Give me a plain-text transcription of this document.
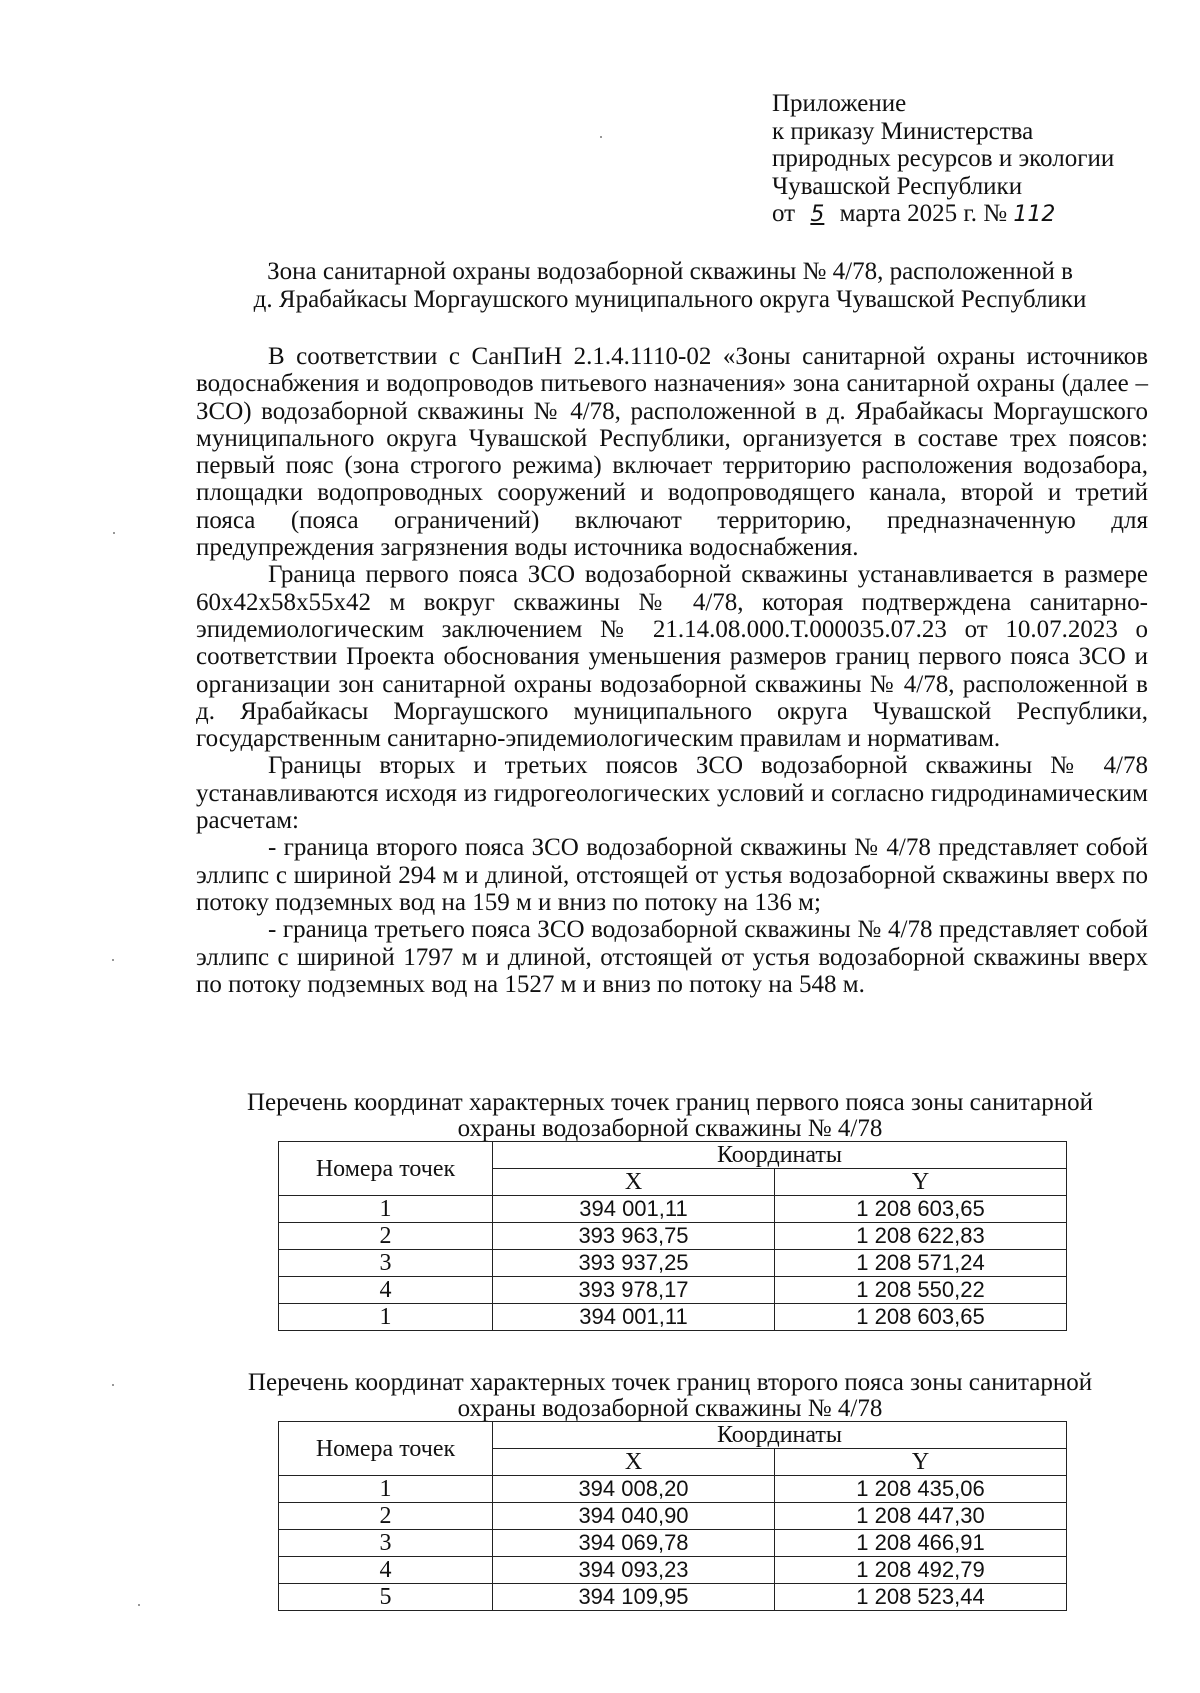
Приложение
к приказу Министерства
природных ресурсов и экологии
Чувашской Республики
от 5 марта 2025 г. № 112
Зона санитарной охраны водозаборной скважины № 4/78, расположенной в
д. Ярабайкасы Моргаушского муниципального округа Чувашской Республики

В соответствии с СанПиН 2.1.4.1110-02 «Зоны санитарной охраны источников водоснабжения и водопроводов питьевого назначения» зона санитарной охраны (далее – ЗСО) водозаборной скважины № 4/78, расположенной в д. Ярабайкасы Моргаушского муниципального округа Чувашской Республики, организуется в составе трех поясов: первый пояс (зона строгого режима) включает территорию расположения водозабора, площадки водопроводных сооружений и водопроводящего канала, второй и третий пояса (пояса ограничений) включают территорию, предназначенную для предупреждения загрязнения воды источника водоснабжения.

Граница первого пояса ЗСО водозаборной скважины устанавливается в размере 60х42х58х55х42 м вокруг скважины № 4/78, которая подтверждена санитарно-эпидемиологическим заключением № 21.14.08.000.Т.000035.07.23 от 10.07.2023 о соответствии Проекта обоснования уменьшения размеров границ первого пояса ЗСО и организации зон санитарной охраны водозаборной скважины № 4/78, расположенной в д. Ярабайкасы Моргаушского муниципального округа Чувашской Республики, государственным санитарно-эпидемиологическим правилам и нормативам.

Границы вторых и третьих поясов ЗСО водозаборной скважины № 4/78 устанавливаются исходя из гидрогеологических условий и согласно гидродинамическим расчетам:

- граница второго пояса ЗСО водозаборной скважины № 4/78 представляет собой эллипс с шириной 294 м и длиной, отстоящей от устья водозаборной скважины вверх по потоку подземных вод на 159 м и вниз по потоку на 136 м;

- граница третьего пояса ЗСО водозаборной скважины № 4/78 представляет собой эллипс с шириной 1797 м и длиной, отстоящей от устья водозаборной скважины вверх по потоку подземных вод на 1527 м и вниз по потоку на 548 м.

Перечень координат характерных точек границ первого пояса зоны санитарной
охраны водозаборной скважины № 4/78
Номера точек	Координаты	
	X	Y
1	394 001,11	1 208 603,65
2	393 963,75	1 208 622,83
3	393 937,25	1 208 571,24
4	393 978,17	1 208 550,22
1	394 001,11	1 208 603,65
Перечень координат характерных точек границ второго пояса зоны санитарной
охраны водозаборной скважины № 4/78
Номера точек	Координаты	
	X	Y
1	394 008,20	1 208 435,06
2	394 040,90	1 208 447,30
3	394 069,78	1 208 466,91
4	394 093,23	1 208 492,79
5	394 109,95	1 208 523,44
